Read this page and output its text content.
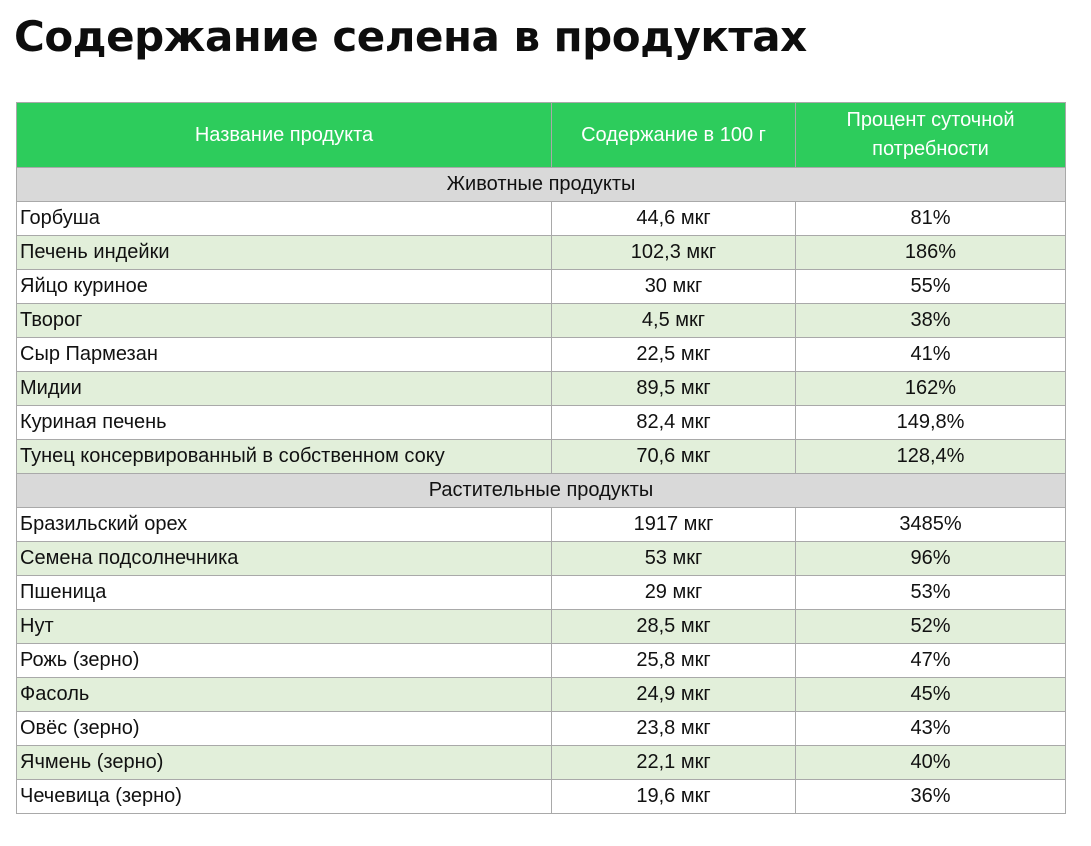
Содержание селена в продуктах
Название продукта	Содержание в 100 г	Процент суточной потребности
Животные продукты		
Горбуша	44,6 мкг	81%
Печень индейки	102,3 мкг	186%
Яйцо куриное	30 мкг	55%
Творог	4,5 мкг	38%
Сыр Пармезан	22,5 мкг	41%
Мидии	89,5 мкг	162%
Куриная печень	82,4 мкг	149,8%
Тунец консервированный в собственном соку	70,6 мкг	128,4%
Растительные продукты		
Бразильский орех	1917 мкг	3485%
Семена подсолнечника	53 мкг	96%
Пшеница	29 мкг	53%
Нут	28,5 мкг	52%
Рожь (зерно)	25,8 мкг	47%
Фасоль	24,9 мкг	45%
Овёс (зерно)	23,8 мкг	43%
Ячмень (зерно)	22,1 мкг	40%
Чечевица (зерно)	19,6 мкг	36%
